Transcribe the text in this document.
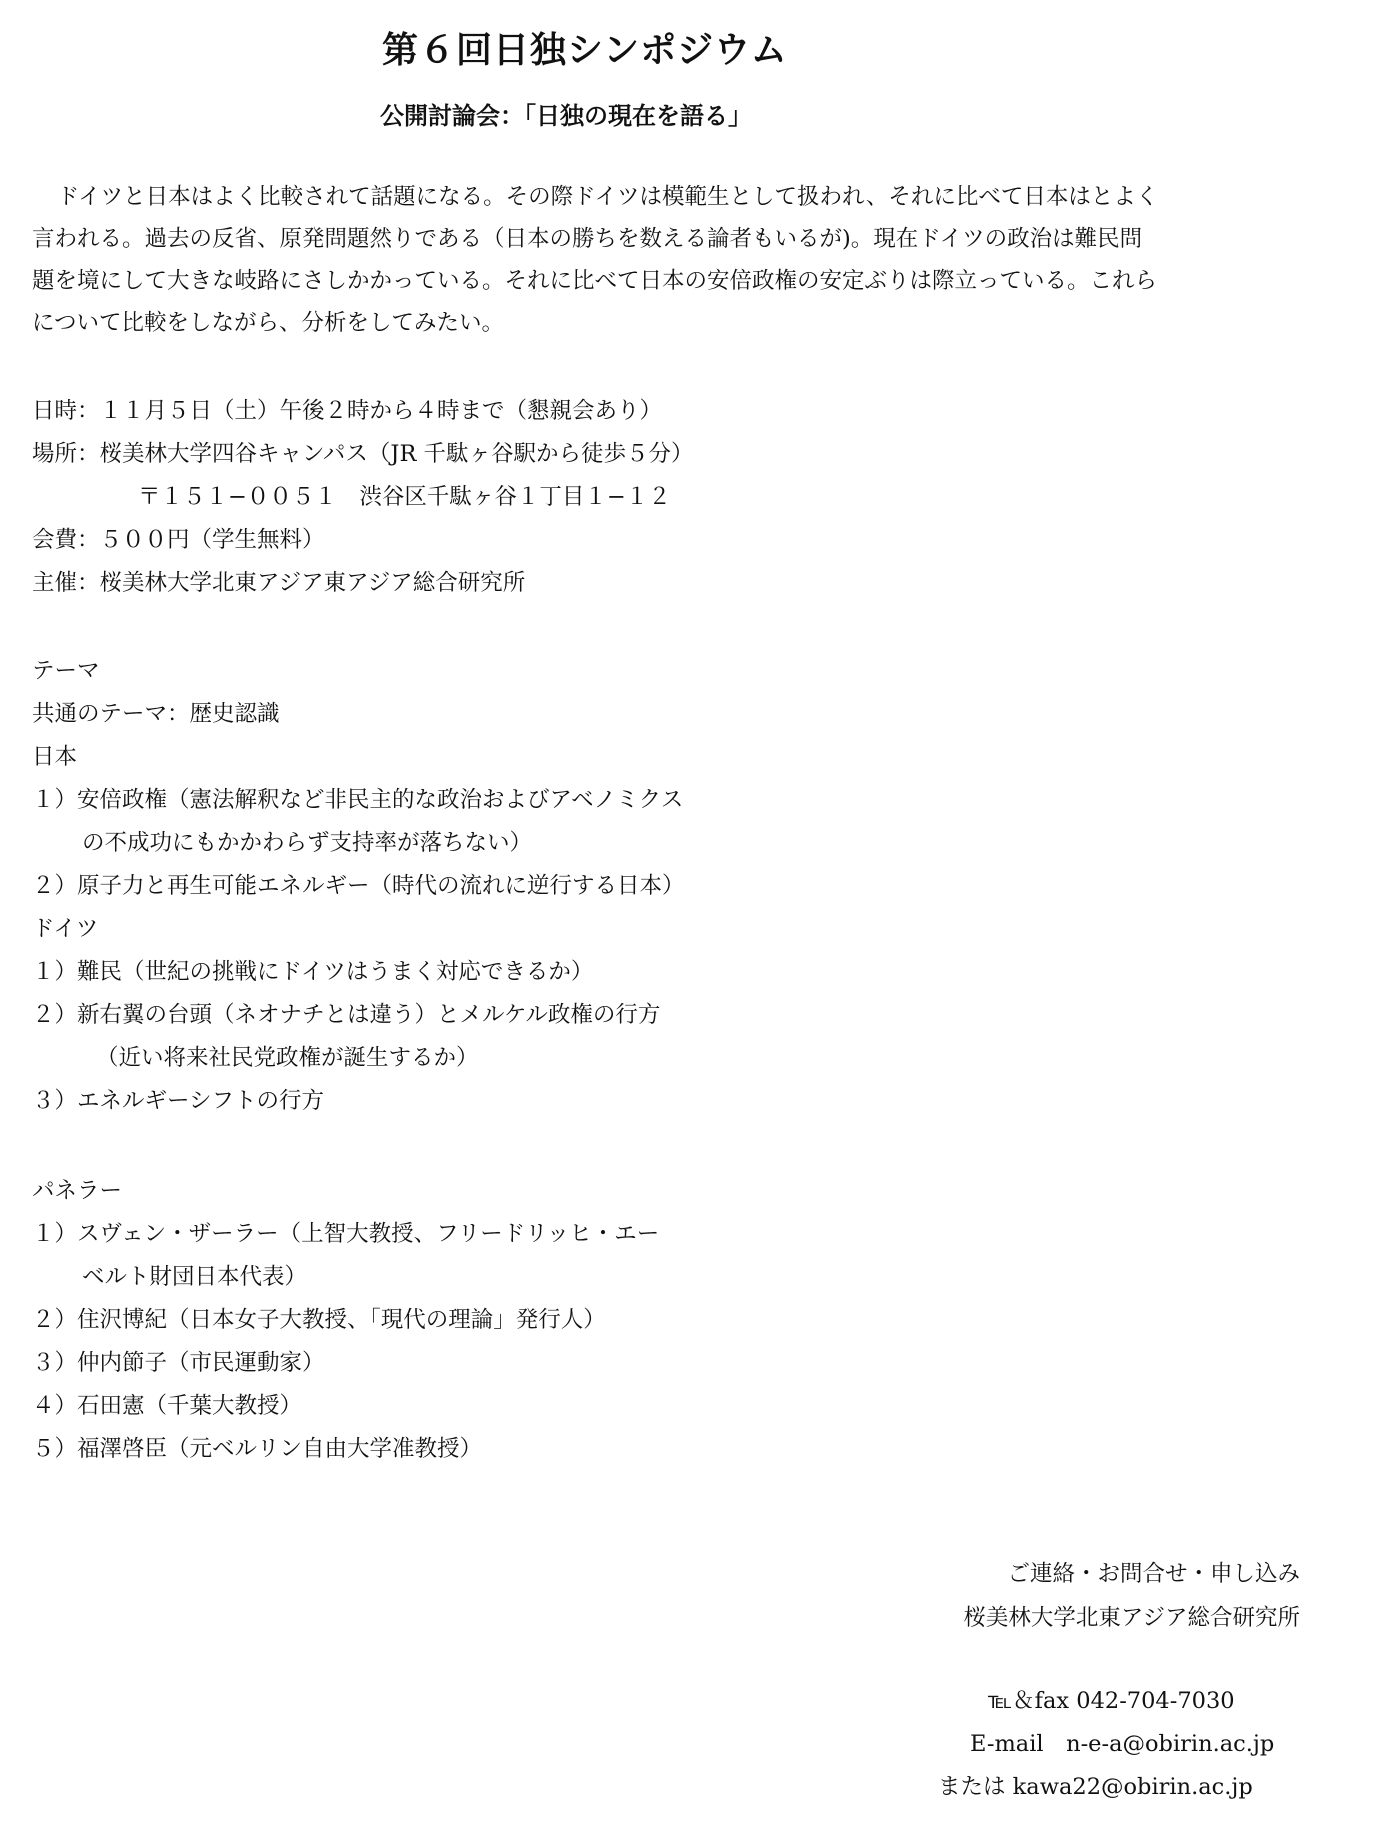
第６回日独シンポジウム
公開討論会：「日独の現在を語る」

ドイツと日本はよく比較されて話題になる。その際ドイツは模範生として扱われ、それに比べて日本はとよく

言われる。過去の反省、原発問題然りである（日本の勝ちを数える論者もいるが)。現在ドイツの政治は難民問

題を境にして大きな岐路にさしかかっている。それに比べて日本の安倍政権の安定ぶりは際立っている。これら

について比較をしながら、分析をしてみたい。

日時：１１月５日（土）午後２時から４時まで（懇親会あり）
場所：桜美林大学四谷キャンパス（JR 千駄ヶ谷駅から徒歩５分）
〒１５１−００５１　渋谷区千駄ヶ谷１丁目１−１２
会費：５００円（学生無料）
主催：桜美林大学北東アジア東アジア総合研究所
テーマ
共通のテーマ：歴史認識
日本
１）安倍政権（憲法解釈など非民主的な政治およびアベノミクス
の不成功にもかかわらず支持率が落ちない）
２）原子力と再生可能エネルギー（時代の流れに逆行する日本）
ドイツ
１）難民（世紀の挑戦にドイツはうまく対応できるか）
２）新右翼の台頭（ネオナチとは違う）とメルケル政権の行方
（近い将来社民党政権が誕生するか）
３）エネルギーシフトの行方
パネラー
１）スヴェン・ザーラー（上智大教授、フリードリッヒ・エー
ベルト財団日本代表）
２）住沢博紀（日本女子大教授、「現代の理論」発行人）
３）仲内節子（市民運動家）
４）石田憲（千葉大教授）
５）福澤啓臣（元ベルリン自由大学准教授）
ご連絡・お問合せ・申し込み
桜美林大学北東アジア総合研究所
℡＆fax 042-704-7030
E-mail　n-e-a@obirin.ac.jp
または kawa22@obirin.ac.jp
